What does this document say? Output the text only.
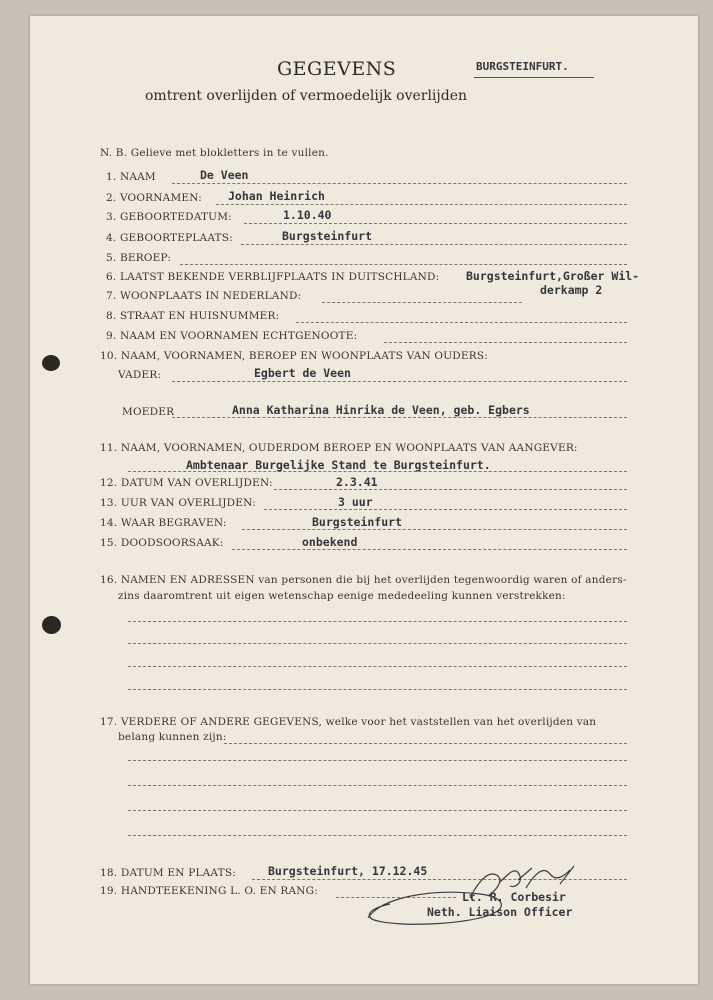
GEGEVENS
omtrent overlijden of vermoedelijk overlijden
BURGSTEINFURT.
N. B. Gelieve met blokletters in te vullen.
1. NAAM	De Veen
2. VOORNAMEN: Johan Heinrich
3. GEBOORTEDATUM:	1.10.40
4. GEBOORTEPLAATS:	Burgsteinfurt
5. BEROEP:
6. LAATST BEKENDE VERBLIJFPLAATS IN DUITSCHLAND: Burgsteinfurt,Großer Wil-
derkamp 2
7. WOONPLAATS IN NEDERLAND:
8. STRAAT EN HUISNUMMER:
9. NAAM EN VOORNAMEN ECHTGENOOTE:
10. NAAM, VOORNAMEN, BEROEP EN WOONPLAATS VAN OUDERS:
VADER:	Egbert de Veen
MOEDER	Anna Katharina Hinrika de Veen, geb. Egbers
11. NAAM, VOORNAMEN, OUDERDOM BEROEP EN WOONPLAATS VAN AANGEVER:
Ambtenaar Burgelijke Stand te Burgsteinfurt.
12. DATUM VAN OVERLIJDEN:	2.3.41
13. UUR VAN OVERLIJDEN:	3 uur
14. WAAR BEGRAVEN:	Burgsteinfurt
15. DOODSOORSAAK:	onbekend
16. NAMEN EN ADRESSEN van personen die bij het overlijden tegenwoordig waren of anders-
zins daaromtrent uit eigen wetenschap eenige mededeeling kunnen verstrekken:
17. VERDERE OF ANDERE GEGEVENS, welke voor het vaststellen van het overlijden van
belang kunnen zijn:
18. DATUM EN PLAATS:	Burgsteinfurt, 17.12.45
19. HANDTEEKENING L. O. EN RANG:	Lt. R. Corbesir
Neth. Liaison Officer
